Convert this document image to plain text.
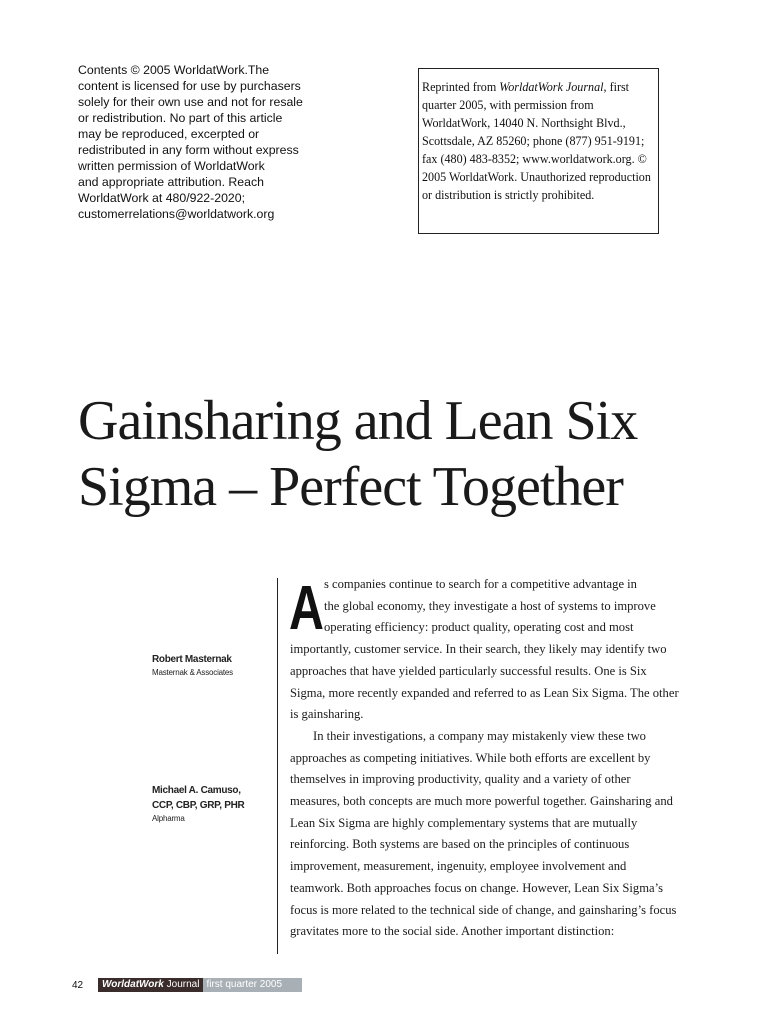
Contents © 2005 WorldatWork.The
content is licensed for use by purchasers
solely for their own use and not for resale
or redistribution. No part of this article
may be reproduced, excerpted or
redistributed in any form without express
written permission of WorldatWork
and appropriate attribution. Reach
WorldatWork at 480/922-2020;
customerrelations@worldatwork.org
Reprinted from WorldatWork Journal, first quarter 2005, with permission from WorldatWork, 14040 N. Northsight Blvd., Scottsdale, AZ 85260; phone (877) 951-9191; fax (480) 483-8352; www.worldatwork.org. © 2005 WorldatWork. Unauthorized reproduction or distribution is strictly prohibited.
Gainsharing and Lean Six
Sigma – Perfect Together
Robert Masternak
Masternak & Associates
Michael A. Camuso,
CCP, CBP, GRP, PHR
Alpharma
A s companies continue to search for a competitive advantage in
the global economy, they investigate a host of systems to improve
operating efficiency: product quality, operating cost and most

importantly, customer service. In their search, they likely may identify two approaches that have yielded particularly successful results. One is Six Sigma, more recently expanded and referred to as Lean Six Sigma. The other is gainsharing.

In their investigations, a company may mistakenly view these two approaches as competing initiatives. While both efforts are excellent by themselves in improving productivity, quality and a variety of other measures, both concepts are much more powerful together. Gainsharing and Lean Six Sigma are highly complementary systems that are mutually reinforcing. Both systems are based on the principles of continuous improvement, measurement, ingenuity, employee involvement and teamwork. Both approaches focus on change. However, Lean Six Sigma’s focus is more related to the technical side of change, and gainsharing’s focus gravitates more to the social side. Another important distinction:

42	WorldatWork Journal first quarter 2005
